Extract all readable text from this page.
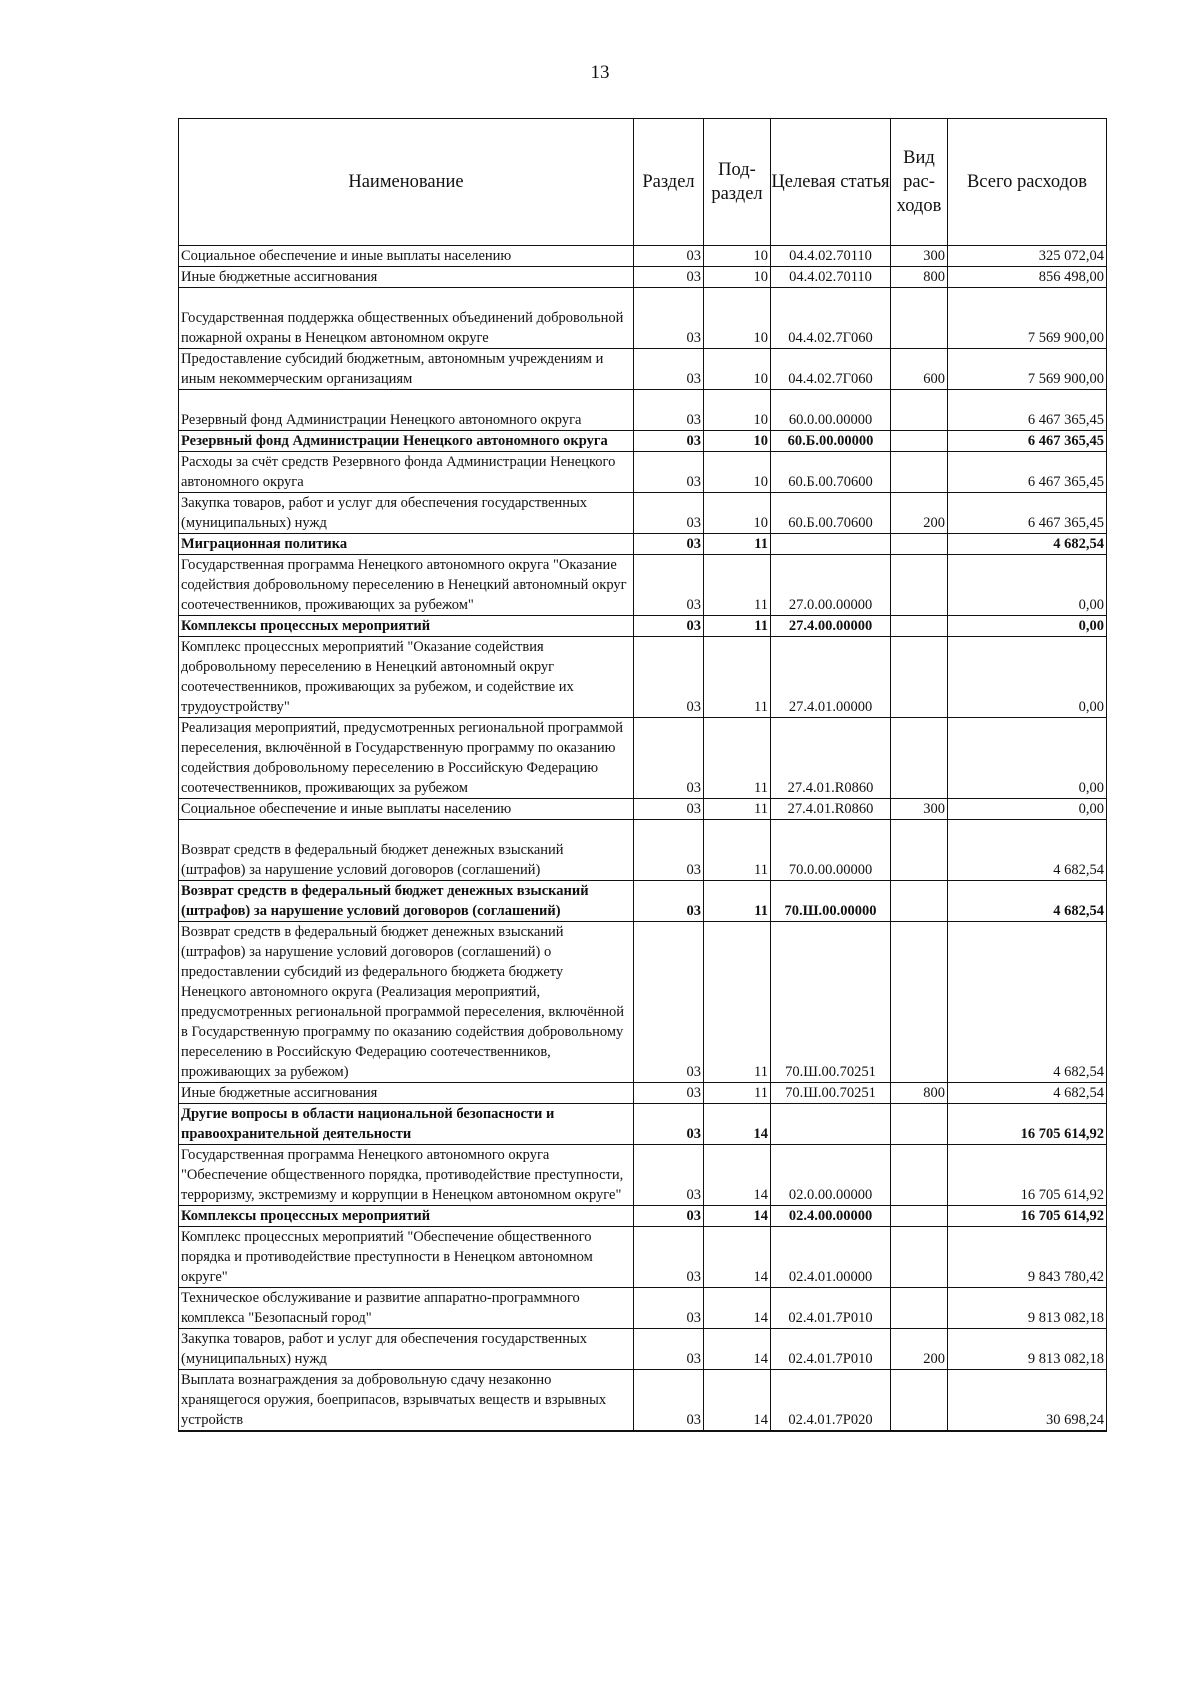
13
Наименование	Раздел	Под-раздел	Целевая статья	Вид рас-ходов	Всего расходов
Социальное обеспечение и иные выплаты населению	03	10	04.4.02.70110	300	325 072,04
Иные бюджетные ассигнования	03	10	04.4.02.70110	800	856 498,00
Государственная поддержка общественных объединений добровольной пожарной охраны в Ненецком автономном округе	03	10	04.4.02.7Г060		7 569 900,00
Предоставление субсидий бюджетным, автономным учреждениям и иным некоммерческим организациям	03	10	04.4.02.7Г060	600	7 569 900,00
Резервный фонд Администрации Ненецкого автономного округа	03	10	60.0.00.00000		6 467 365,45
Резервный фонд Администрации Ненецкого автономного округа	03	10	60.Б.00.00000		6 467 365,45
Расходы за счёт средств Резервного фонда Администрации Ненецкого автономного округа	03	10	60.Б.00.70600		6 467 365,45
Закупка товаров, работ и услуг для обеспечения государственных (муниципальных) нужд	03	10	60.Б.00.70600	200	6 467 365,45
Миграционная политика	03	11			4 682,54
Государственная программа Ненецкого автономного округа "Оказание содействия добровольному переселению в Ненецкий автономный округ соотечественников, проживающих за рубежом"	03	11	27.0.00.00000		0,00
Комплексы процессных мероприятий	03	11	27.4.00.00000		0,00
Комплекс процессных мероприятий "Оказание содействия добровольному переселению в Ненецкий автономный округ соотечественников, проживающих за рубежом, и содействие их трудоустройству"	03	11	27.4.01.00000		0,00
Реализация мероприятий, предусмотренных региональной программой переселения, включённой в Государственную программу по оказанию содействия добровольному переселению в Российскую Федерацию соотечественников, проживающих за рубежом	03	11	27.4.01.R0860		0,00
Социальное обеспечение и иные выплаты населению	03	11	27.4.01.R0860	300	0,00
Возврат средств в федеральный бюджет денежных взысканий (штрафов) за нарушение условий договоров (соглашений)	03	11	70.0.00.00000		4 682,54
Возврат средств в федеральный бюджет денежных взысканий (штрафов) за нарушение условий договоров (соглашений)	03	11	70.Ш.00.00000		4 682,54
Возврат средств в федеральный бюджет денежных взысканий (штрафов) за нарушение условий договоров (соглашений) о предоставлении субсидий из федерального бюджета бюджету Ненецкого автономного округа (Реализация мероприятий, предусмотренных региональной программой переселения, включённой в Государственную программу по оказанию содействия добровольному переселению в Российскую Федерацию соотечественников, проживающих за рубежом)	03	11	70.Ш.00.70251		4 682,54
Иные бюджетные ассигнования	03	11	70.Ш.00.70251	800	4 682,54
Другие вопросы в области национальной безопасности и правоохранительной деятельности	03	14			16 705 614,92
Государственная программа Ненецкого автономного округа "Обеспечение общественного порядка, противодействие преступности, терроризму, экстремизму и коррупции в Ненецком автономном округе"	03	14	02.0.00.00000		16 705 614,92
Комплексы процессных мероприятий	03	14	02.4.00.00000		16 705 614,92
Комплекс процессных мероприятий "Обеспечение общественного порядка и противодействие преступности в Ненецком автономном округе"	03	14	02.4.01.00000		9 843 780,42
Техническое обслуживание и развитие аппаратно-программного комплекса "Безопасный город"	03	14	02.4.01.7Р010		9 813 082,18
Закупка товаров, работ и услуг для обеспечения государственных (муниципальных) нужд	03	14	02.4.01.7Р010	200	9 813 082,18
Выплата вознаграждения за добровольную сдачу незаконно хранящегося оружия, боеприпасов, взрывчатых веществ и взрывных устройств	03	14	02.4.01.7Р020		30 698,24
